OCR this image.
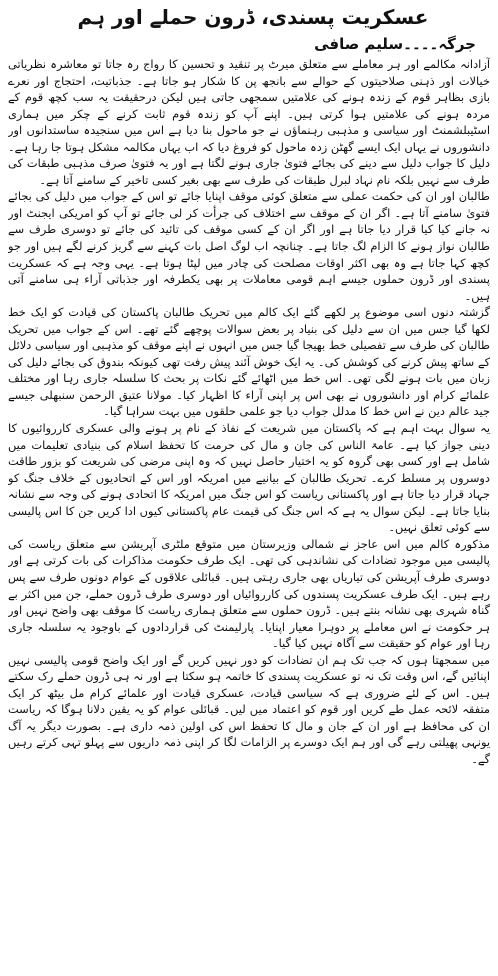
عسکریت پسندی، ڈرون حملے اور ہم
جرگہ۔۔۔۔سلیم صافی

آزادانہ مکالمے اور ہر معاملے سے متعلق میرٹ پر تنقید و تحسین کا رواج رہ جاتا تو معاشرہ نظریاتی خیالات اور ذہنی صلاحیتوں کے حوالے سے بانجھ پن کا شکار ہو جاتا ہے۔ جذباتیت، احتجاج اور نعرے بازی بظاہر قوم کے زندہ ہونے کی علامتیں سمجھی جاتی ہیں لیکن درحقیقت یہ سب کچھ قوم کے مردہ ہونے کی علامتیں ہوا کرتی ہیں۔ اپنے آپ کو زندہ قوم ثابت کرنے کے چکر میں ہماری اسٹیبلشمنٹ اور سیاسی و مذہبی رہنماؤں نے جو ماحول بنا دیا ہے اس میں سنجیدہ ساستدانوں اور دانشوروں نے یہاں ایک ایسے گھٹن زدہ ماحول کو فروغ دیا کہ اب یہاں مکالمہ مشکل ہوتا جا رہا ہے۔ دلیل کا جواب دلیل سے دینے کی بجائے فتویٰ جاری ہونے لگتا ہے اور یہ فتویٰ صرف مذہبی طبقات کی طرف سے نہیں بلکہ نام نہاد لبرل طبقات کی طرف سے بھی بغیر کسی تاخیر کے سامنے آتا ہے۔

طالبان اور ان کی حکمت عملی سے متعلق کوئی موقف اپنایا جائے تو اس کے جواب میں دلیل کی بجائے فتویٰ سامنے آتا ہے۔ اگر ان کے موقف سے اختلاف کی جرأت کر لی جائے تو آپ کو امریکی ایجنٹ اور نہ جانے کیا کیا قرار دیا جاتا ہے اور اگر ان کے کسی موقف کی تائید کی جائے تو دوسری طرف سے طالبان نواز ہونے کا الزام لگ جاتا ہے۔ چنانچہ اب لوگ اصل بات کہنے سے گریز کرنے لگے ہیں اور جو کچھ کہا جاتا ہے وہ بھی اکثر اوقات مصلحت کی چادر میں لپٹا ہوتا ہے۔ یہی وجہ ہے کہ عسکریت پسندی اور ڈرون حملوں جیسے اہم قومی معاملات پر بھی یکطرفہ اور جذباتی آراء ہی سامنے آتی ہیں۔

گزشتہ دنوں اسی موضوع پر لکھے گئے ایک کالم میں تحریک طالبان پاکستان کی قیادت کو ایک خط لکھا گیا جس میں ان سے دلیل کی بنیاد پر بعض سوالات پوچھے گئے تھے۔ اس کے جواب میں تحریک طالبان کی طرف سے تفصیلی خط بھیجا گیا جس میں انہوں نے اپنے موقف کو مذہبی اور سیاسی دلائل کے ساتھ پیش کرنے کی کوشش کی۔ یہ ایک خوش آئند پیش رفت تھی کیونکہ بندوق کی بجائے دلیل کی زبان میں بات ہونے لگی تھی۔ اس خط میں اٹھائے گئے نکات پر بحث کا سلسلہ جاری رہا اور مختلف علمائے کرام اور دانشوروں نے بھی اس پر اپنی آراء کا اظہار کیا۔ مولانا عتیق الرحمن سنبھلی جیسے جید عالم دین نے اس خط کا مدلل جواب دیا جو علمی حلقوں میں بہت سراہا گیا۔

یہ سوال بہت اہم ہے کہ پاکستان میں شریعت کے نفاذ کے نام پر ہونے والی عسکری کارروائیوں کا دینی جواز کیا ہے۔ عامۃ الناس کی جان و مال کی حرمت کا تحفظ اسلام کی بنیادی تعلیمات میں شامل ہے اور کسی بھی گروہ کو یہ اختیار حاصل نہیں کہ وہ اپنی مرضی کی شریعت کو بزور طاقت دوسروں پر مسلط کرے۔ تحریک طالبان کے بیانیے میں امریکہ اور اس کے اتحادیوں کے خلاف جنگ کو جہاد قرار دیا جاتا ہے اور پاکستانی ریاست کو اس جنگ میں امریکہ کا اتحادی ہونے کی وجہ سے نشانہ بنایا جاتا ہے۔ لیکن سوال یہ ہے کہ اس جنگ کی قیمت عام پاکستانی کیوں ادا کریں جن کا اس پالیسی سے کوئی تعلق نہیں۔

مذکورہ کالم میں اس عاجز نے شمالی وزیرستان میں متوقع ملٹری آپریشن سے متعلق ریاست کی پالیسی میں موجود تضادات کی نشاندہی کی تھی۔ ایک طرف حکومت مذاکرات کی بات کرتی ہے اور دوسری طرف آپریشن کی تیاریاں بھی جاری رہتی ہیں۔ قبائلی علاقوں کے عوام دونوں طرف سے پس رہے ہیں۔ ایک طرف عسکریت پسندوں کی کارروائیاں اور دوسری طرف ڈرون حملے، جن میں اکثر بے گناہ شہری بھی نشانہ بنتے ہیں۔ ڈرون حملوں سے متعلق ہماری ریاست کا موقف بھی واضح نہیں اور ہر حکومت نے اس معاملے پر دوہرا معیار اپنایا۔ پارلیمنٹ کی قراردادوں کے باوجود یہ سلسلہ جاری رہا اور عوام کو حقیقت سے آگاہ نہیں کیا گیا۔

میں سمجھتا ہوں کہ جب تک ہم ان تضادات کو دور نہیں کریں گے اور ایک واضح قومی پالیسی نہیں اپنائیں گے، اس وقت تک نہ تو عسکریت پسندی کا خاتمہ ہو سکتا ہے اور نہ ہی ڈرون حملے رک سکتے ہیں۔ اس کے لئے ضروری ہے کہ سیاسی قیادت، عسکری قیادت اور علمائے کرام مل بیٹھ کر ایک متفقہ لائحہ عمل طے کریں اور قوم کو اعتماد میں لیں۔ قبائلی عوام کو یہ یقین دلانا ہوگا کہ ریاست ان کی محافظ ہے اور ان کے جان و مال کا تحفظ اس کی اولین ذمہ داری ہے۔ بصورت دیگر یہ آگ یونہی پھیلتی رہے گی اور ہم ایک دوسرے پر الزامات لگا کر اپنی ذمہ داریوں سے پہلو تہی کرتے رہیں گے۔
